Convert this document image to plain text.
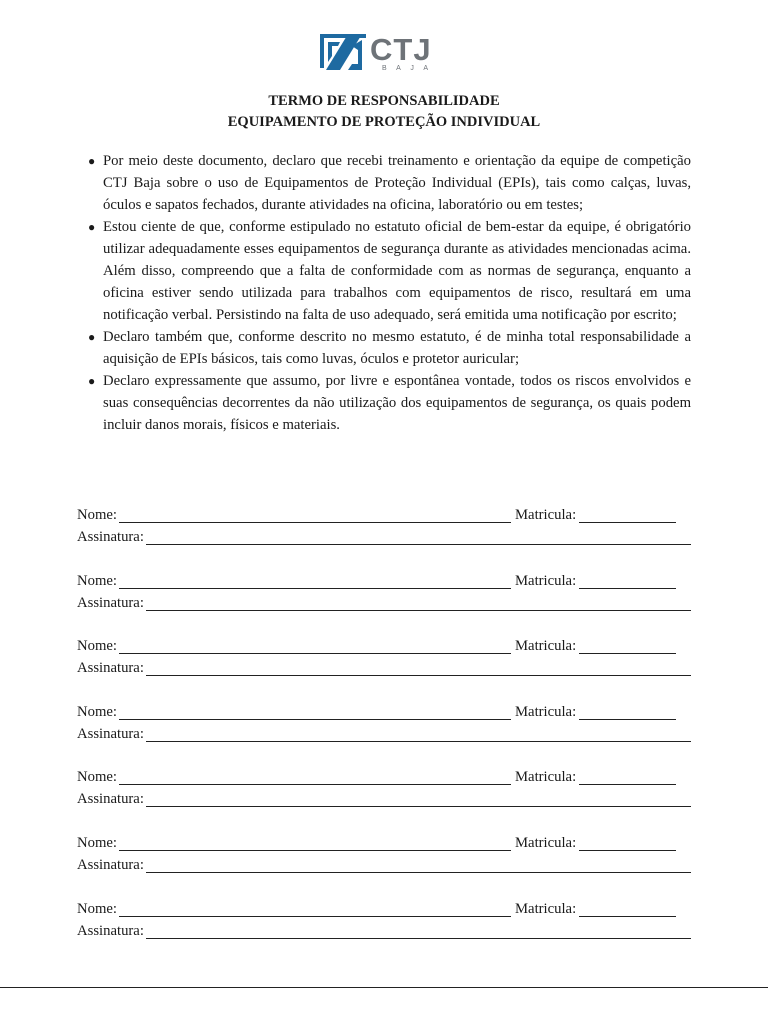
CTJ
BAJA
TERMO DE RESPONSABILIDADE
EQUIPAMENTO DE PROTEÇÃO INDIVIDUAL
● Por meio deste documento, declaro que recebi treinamento e orientação da equipe de competição CTJ Baja sobre o uso de Equipamentos de Proteção Individual (EPIs), tais como calças, luvas, óculos e sapatos fechados, durante atividades na oficina, laboratório ou em testes;
● Estou ciente de que, conforme estipulado no estatuto oficial de bem-estar da equipe, é obrigatório utilizar adequadamente esses equipamentos de segurança durante as atividades mencionadas acima. Além disso, compreendo que a falta de conformidade com as normas de segurança, enquanto a oficina estiver sendo utilizada para trabalhos com equipamentos de risco, resultará em uma notificação verbal. Persistindo na falta de uso adequado, será emitida uma notificação por escrito;
● Declaro também que, conforme descrito no mesmo estatuto, é de minha total responsabilidade a aquisição de EPIs básicos, tais como luvas, óculos e protetor auricular;
● Declaro expressamente que assumo, por livre e espontânea vontade, todos os riscos envolvidos e suas consequências decorrentes da não utilização dos equipamentos de segurança, os quais podem incluir danos morais, físicos e materiais.
Nome:	Matricula:
Assinatura:
Nome:	Matricula:
Assinatura:
Nome:	Matricula:
Assinatura:
Nome:	Matricula:
Assinatura:
Nome:	Matricula:
Assinatura:
Nome:	Matricula:
Assinatura:
Nome:	Matricula:
Assinatura:
